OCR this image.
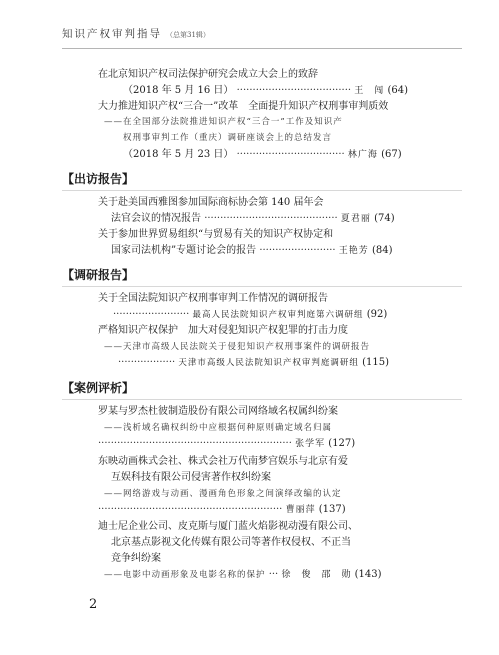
知识产权审判指导 （总第31辑）
在北京知识产权司法保护研究会成立大会上的致辞
（2018 年 5 月 16 日） ···································· 王　闯 (64)
大力推进知识产权“三合一”改革　全面提升知识产权刑事审判质效
——在全国部分法院推进知识产权“三合一”工作及知识产
权刑事审判工作（重庆）调研座谈会上的总结发言
（2018 年 5 月 23 日） ·································· 林广海 (67)
【出访报告】
关于赴美国西雅图参加国际商标协会第 140 届年会
法官会议的情况报告 ·········································· 夏君丽 (74)
关于参加世界贸易组织“与贸易有关的知识产权协定和
国家司法机构”专题讨论会的报告 ························ 王艳芳 (84)
【调研报告】
关于全国法院知识产权刑事审判工作情况的调研报告
························ 最高人民法院知识产权审判庭第六调研组 (92)
严格知识产权保护　加大对侵犯知识产权犯罪的打击力度
——天津市高级人民法院关于侵犯知识产权刑事案件的调研报告
·················· 天津市高级人民法院知识产权审判庭调研组 (115)
【案例评析】
罗某与罗杰杜彼制造股份有限公司网络域名权属纠纷案
——浅析域名确权纠纷中应根据何种原则确定域名归属
····························································· 张学军 (127)
东映动画株式会社、株式会社万代南梦宫娱乐与北京有爱
互娱科技有限公司侵害著作权纠纷案
——网络游戏与动画、漫画角色形象之间演绎改编的认定
·························································· 曹丽萍 (137)
迪士尼企业公司、皮克斯与厦门蓝火焰影视动漫有限公司、
北京基点影视文化传媒有限公司等著作权侵权、不正当
竞争纠纷案
——电影中动画形象及电影名称的保护 ··· 徐　俊　邵　勋 (143)
2
